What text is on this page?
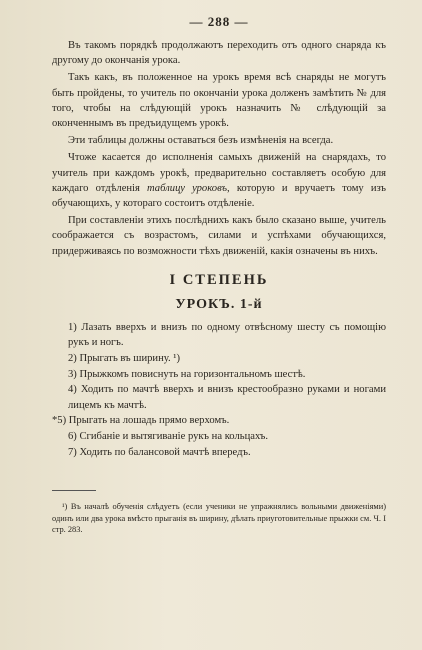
— 288 —

Въ такомъ порядкѣ продолжаютъ переходить отъ одного снаряда къ другому до окончанія урока.

Такъ какъ, въ положенное на урокъ время всѣ снаряды не могутъ быть пройдены, то учитель по окончаніи урока долженъ замѣтить № для того, чтобы на слѣдующій урокъ назначить № слѣдующій за оконченнымъ въ предъидущемъ урокѣ.

Эти таблицы должны оставаться безъ измѣненія на всегда.

Чтоже касается до исполненія самыхъ движеній на снарядахъ, то учитель при каждомъ урокѣ, предварительно составляетъ особую для каждаго отдѣленія таблицу уроковъ, которую и вручаетъ тому изъ обучающихъ, у котораго состоитъ отдѣленіе.

При составленіи этихъ послѣднихъ какъ было сказано выше, учитель соображается съ возрастомъ, силами и успѣхами обучающихся, придерживаясь по возможности тѣхъ движеній, какія означены въ нихъ.

I СТЕПЕНЬ
УРОКЪ. 1-й
1) Лазать вверхъ и внизъ по одному отвѣсному шесту съ помощію рукъ и ногъ.
2) Прыгать въ ширину. ¹)
3) Прыжкомъ повиснуть на горизонтальномъ шестѣ.
4) Ходить по мачтѣ вверхъ и внизъ крестообразно руками и ногами лицемъ къ мачтѣ.
*5) Прыгать на лошадь прямо верхомъ.
6) Сгибаніе и вытягиваніе рукъ на кольцахъ.
7) Ходить по балансовой мачтѣ впередъ.

¹) Въ началѣ обученія слѣдуетъ (если ученики не упражнялись вольными движеніями) одинъ или два урока вмѣсто прыганія въ ширину, дѣлать приуготовительные прыжки см. Ч. I стр. 283.
